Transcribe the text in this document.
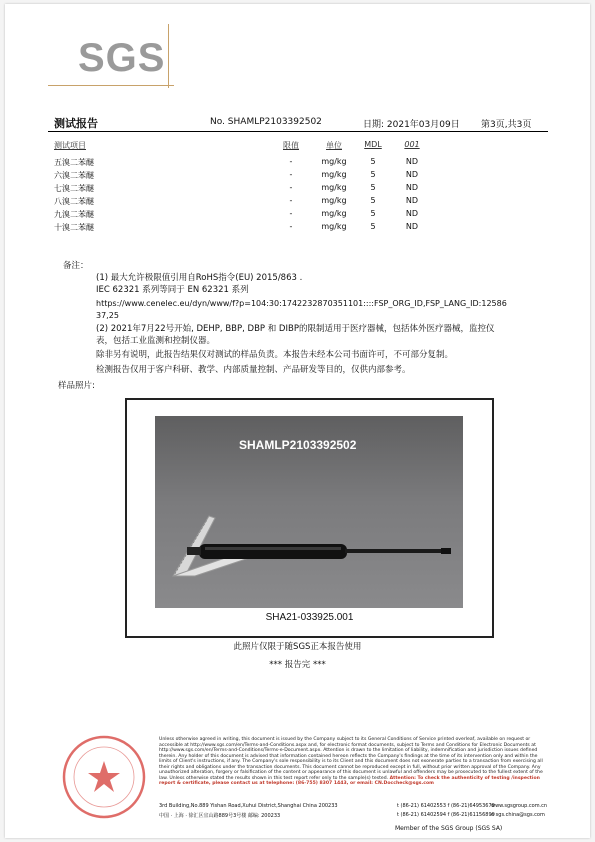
SGS
测试报告	No. SHAMLP2103392502	日期: 2021年03月09日 第3页,共3页
测试项目	限值	单位	MDL	001
五溴二苯醚	-	mg/kg	5	ND
六溴二苯醚	-	mg/kg	5	ND
七溴二苯醚	-	mg/kg	5	ND
八溴二苯醚	-	mg/kg	5	ND
九溴二苯醚	-	mg/kg	5	ND
十溴二苯醚	-	mg/kg	5	ND
备注：
(1) 最大允许极限值引用自RoHS指令(EU) 2015/863 .
IEC 62321 系列等同于 EN 62321 系列
https://www.cenelec.eu/dyn/www/f?p=104:30:1742232870351101::::FSP_ORG_ID,FSP_LANG_ID:12586
37,25
(2) 2021年7月22号开始, DEHP, BBP, DBP 和 DIBP的限制适用于医疗器械，包括体外医疗器械，监控仪
表，包括工业监测和控制仪器。
除非另有说明，此报告结果仅对测试的样品负责。本报告未经本公司书面许可，不可部分复制。
检测报告仅用于客户科研、教学、内部质量控制、产品研发等目的，仅供内部参考。
样品照片:
SHAMLP2103392502
SHA21-033925.001
此照片仅限于随SGS正本报告使用
*** 报告完 ***
Unless otherwise agreed in writing, this document is issued by the Company subject to its General Conditions of Service printed overleaf, available on request or accessible at http://www.sgs.com/en/Terms-and-Conditions.aspx and, for electronic format documents, subject to Terms and Conditions for Electronic Documents at http://www.sgs.com/en/Terms-and-Conditions/Terms-e-Document.aspx. Attention is drawn to the limitation of liability, indemnification and jurisdiction issues defined therein. Any holder of this document is advised that information contained hereon reflects the Company's findings at the time of its intervention only and within the limits of Client's instructions, if any. The Company's sole responsibility is to its Client and this document does not exonerate parties to a transaction from exercising all their rights and obligations under the transaction documents. This document cannot be reproduced except in full, without prior written approval of the Company. Any unauthorized alteration, forgery or falsification of the content or appearance of this document is unlawful and offenders may be prosecuted to the fullest extent of the law. Unless otherwise stated the results shown in this test report refer only to the sample(s) tested. Attention: To check the authenticity of testing /inspection report & certificate, please contact us at telephone: (86-755) 8307 1443, or email: CN.Doccheck@sgs.com
3rd Building,No.889 Yishan Road,Xuhui District,Shanghai China 200233	t (86-21) 61402553 f (86-21)64953679
www.sgsgroup.com.cn
中国 · 上海 · 徐汇区宜山路889号3号楼 邮编: 200233	t (86-21) 61402594 f (86-21)61156899
e sgs.china@sgs.com
Member of the SGS Group (SGS SA)
